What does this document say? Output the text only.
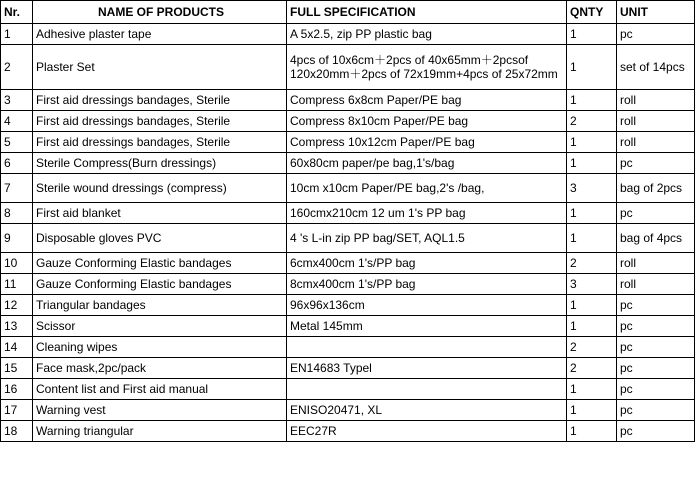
Nr.	NAME OF PRODUCTS	FULL SPECIFICATION	QNTY	UNIT
1	Adhesive plaster tape	A 5x2.5, zip PP plastic bag	1	pc
2	Plaster Set	4pcs of 10x6cm＋2pcs of 40x65mm＋2pcsof 120x20mm＋2pcs of 72x19mm+4pcs of 25x72mm	1	set of 14pcs
3	First aid dressings bandages, Sterile	Compress 6x8cm Paper/PE bag	1	roll
4	First aid dressings bandages, Sterile	Compress 8x10cm Paper/PE bag	2	roll
5	First aid dressings bandages, Sterile	Compress 10x12cm Paper/PE bag	1	roll
6	Sterile Compress(Burn dressings)	60x80cm paper/pe bag,1's/bag	1	pc
7	Sterile wound dressings (compress)	10cm x10cm Paper/PE bag,2's /bag,	3	bag of 2pcs
8	First aid blanket	160cmx210cm 12 um 1's PP bag	1	pc
9	Disposable gloves PVC	4 's L-in zip PP bag/SET, AQL1.5	1	bag of 4pcs
10	Gauze Conforming Elastic bandages	6cmx400cm 1's/PP bag	2	roll
11	Gauze Conforming Elastic bandages	8cmx400cm 1's/PP bag	3	roll
12	Triangular bandages	96x96x136cm	1	pc
13	Scissor	Metal 145mm	1	pc
14	Cleaning wipes		2	pc
15	Face mask,2pc/pack	EN14683 Typel	2	pc
16	Content list and First aid manual		1	pc
17	Warning vest	ENISO20471, XL	1	pc
18	Warning triangular	EEC27R	1	pc
